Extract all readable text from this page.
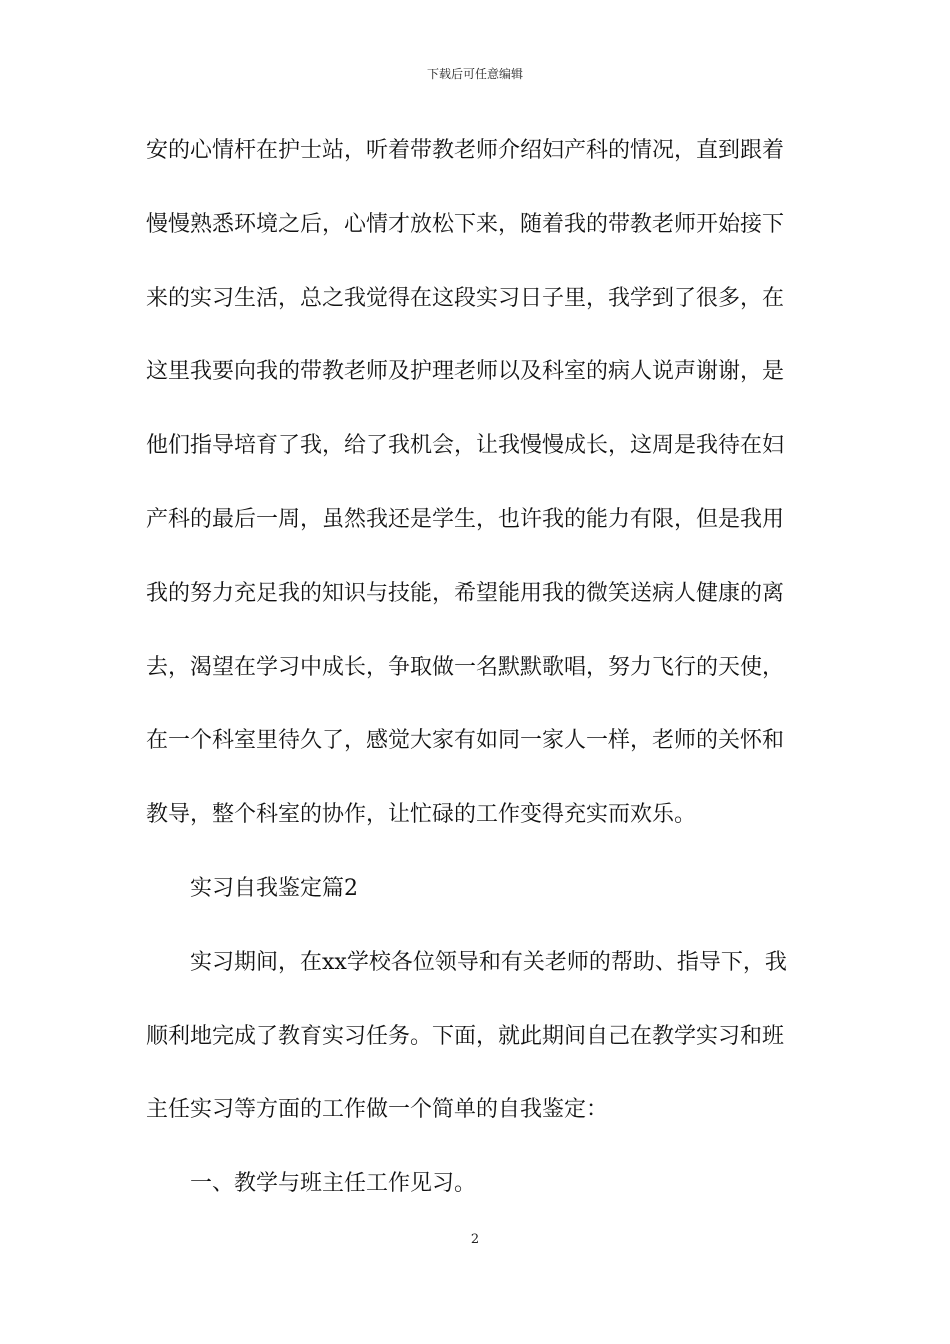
下载后可任意编辑
安的心情杆在护士站，听着带教老师介绍妇产科的情况，直到跟着
慢慢熟悉环境之后，心情才放松下来，随着我的带教老师开始接下
来的实习生活，总之我觉得在这段实习日子里，我学到了很多，在
这里我要向我的带教老师及护理老师以及科室的病人说声谢谢，是
他们指导培育了我，给了我机会，让我慢慢成长，这周是我待在妇
产科的最后一周，虽然我还是学生，也许我的能力有限，但是我用
我的努力充足我的知识与技能，希望能用我的微笑送病人健康的离
去，渴望在学习中成长，争取做一名默默歌唱，努力飞行的天使，
在一个科室里待久了，感觉大家有如同一家人一样，老师的关怀和
教导，整个科室的协作，让忙碌的工作变得充实而欢乐。
实习自我鉴定篇2
实习期间，在xx学校各位领导和有关老师的帮助、指导下，我
顺利地完成了教育实习任务。下面，就此期间自己在教学实习和班
主任实习等方面的工作做一个简单的自我鉴定：
一、教学与班主任工作见习。
2
